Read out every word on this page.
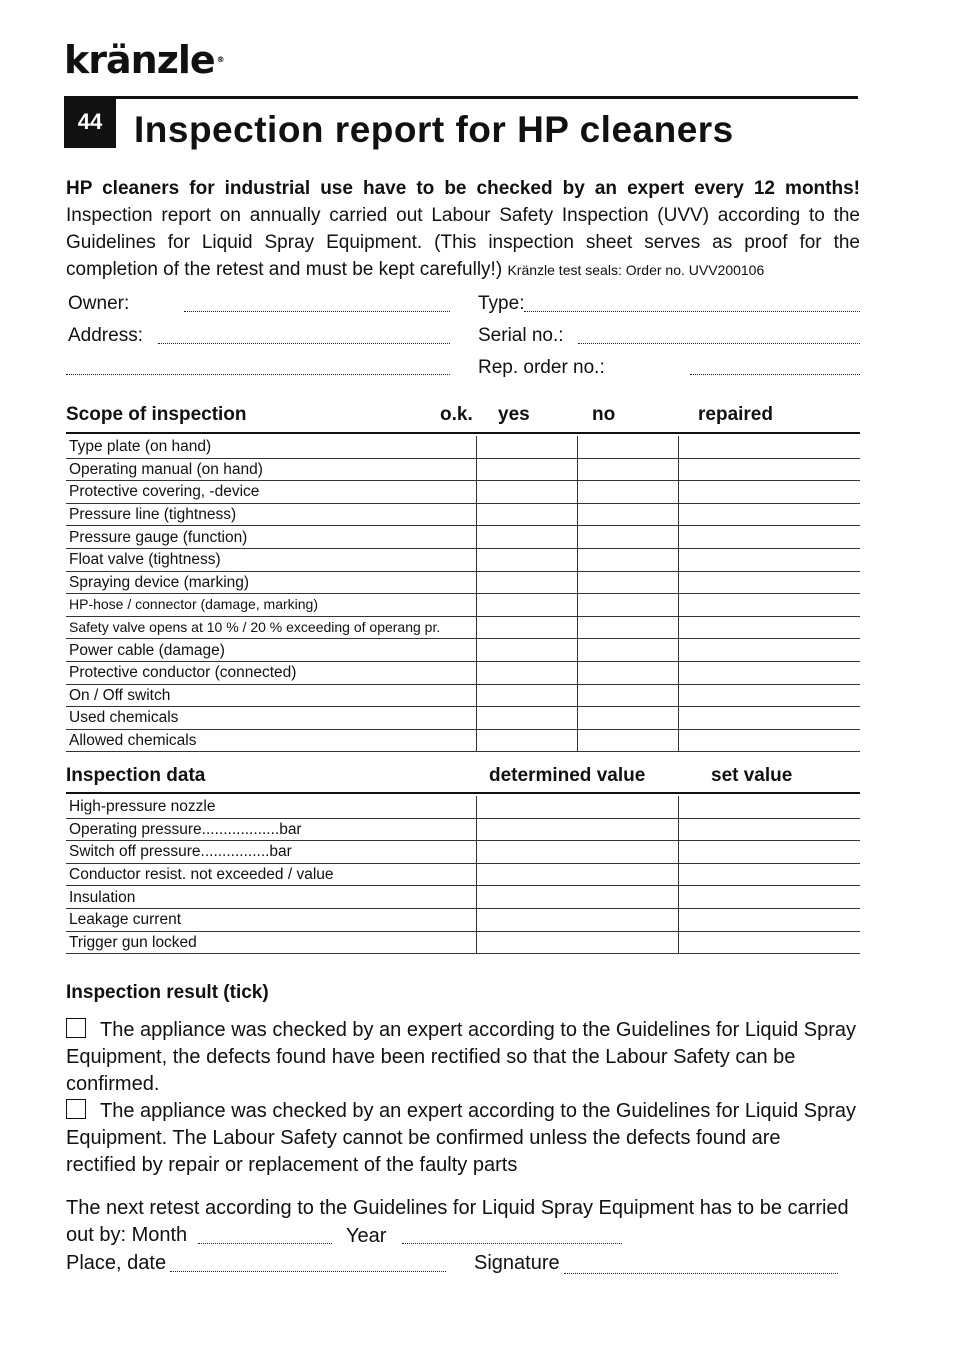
kränzle ®
44 Inspection report for HP cleaners
HP cleaners for industrial use have to be checked by an expert every 12 months! Inspection report on annually carried out Labour Safety Inspection (UVV) according to the Guidelines for Liquid Spray Equipment. (This inspection sheet serves as proof for the completion of the retest and must be kept carefully!) Kränzle test seals: Order no. UVV200106
Owner:
Address:
Type:
Serial no.:
Rep. order no.:
Scope of inspection	o.k. yes	no	repaired
Type plate (on hand)			
Operating manual (on hand)			
Protective covering, -device			
Pressure line (tightness)			
Pressure gauge (function)			
Float valve (tightness)			
Spraying device (marking)			
HP-hose / connector (damage, marking)			
Safety valve opens at 10 % / 20 % exceeding of operang pr.			
Power cable (damage)			
Protective conductor (connected)			
On / Off switch			
Used chemicals			
Allowed chemicals			
Inspection data	determined value	set value
High-pressure nozzle		
Operating pressure..................bar		
Switch off pressure................bar		
Conductor resist. not exceeded / value		
Insulation		
Leakage current		
Trigger gun locked		
Inspection result (tick)
The appliance was checked by an expert according to the Guidelines for Liquid Spray Equipment, the defects found have been rectified so that the Labour Safety can be confirmed.
The appliance was checked by an expert according to the Guidelines for Liquid Spray Equipment. The Labour Safety cannot be confirmed unless the defects found are rectified by repair or replacement of the faulty parts
The next retest according to the Guidelines for Liquid Spray Equipment has to be carried out by: Month	Year
Place, date	Signature
